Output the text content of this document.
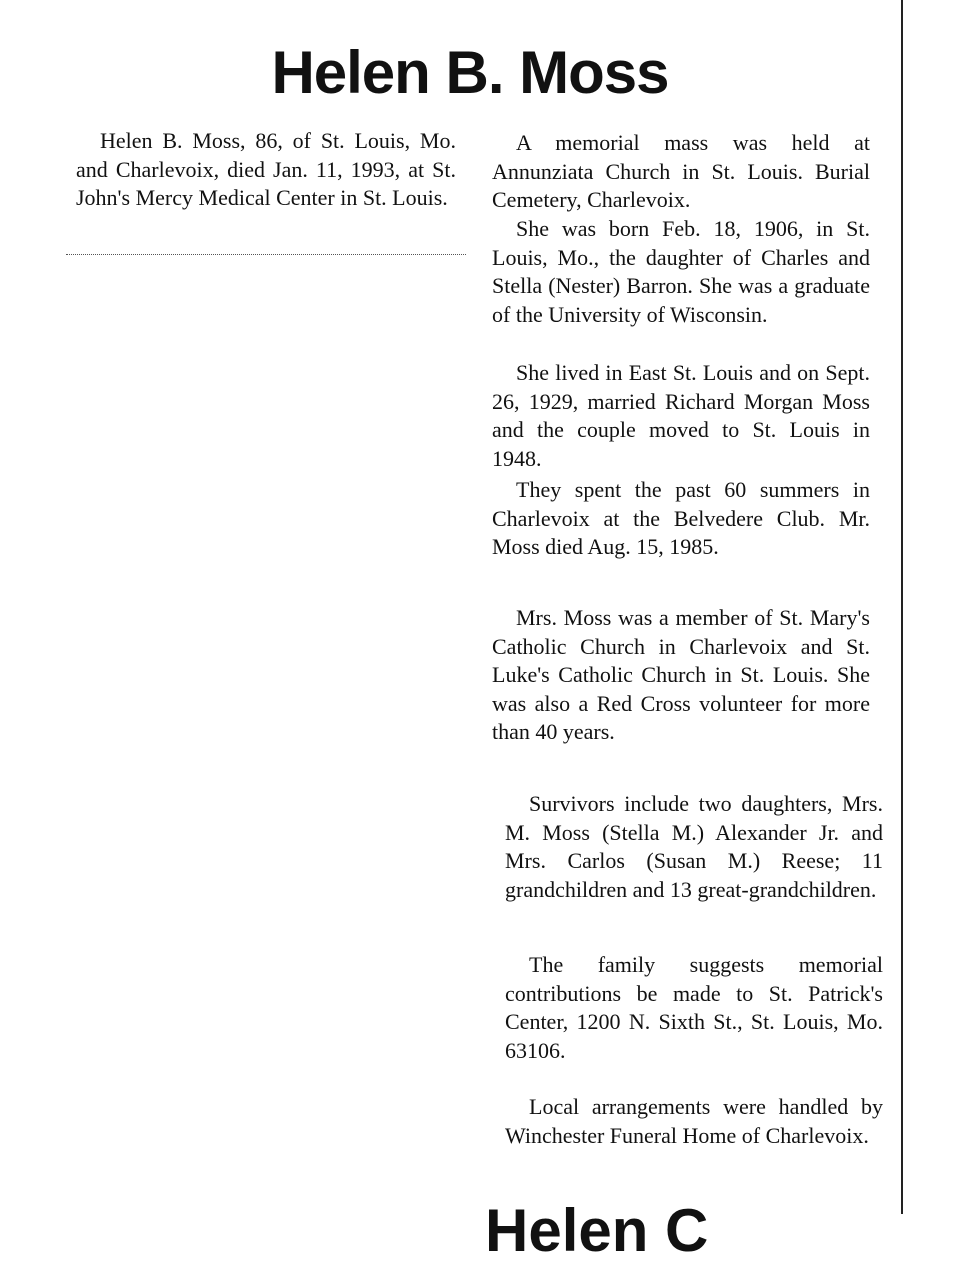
Helen B. Moss

Helen B. Moss, 86, of St. Louis, Mo. and Charlevoix, died Jan. 11, 1993, at St. John's Mercy Medical Center in St. Louis.

A memorial mass was held at Annunziata Church in St. Louis. Burial Cemetery, Charlevoix.

She was born Feb. 18, 1906, in St. Louis, Mo., the daughter of Charles and Stella (Nester) Barron. She was a graduate of the University of Wisconsin.

She lived in East St. Louis and on Sept. 26, 1929, married Richard Morgan Moss and the couple moved to St. Louis in 1948.

They spent the past 60 summers in Charlevoix at the Belvedere Club. Mr. Moss died Aug. 15, 1985.

Mrs. Moss was a member of St. Mary's Catholic Church in Charlevoix and St. Luke's Catholic Church in St. Louis. She was also a Red Cross volunteer for more than 40 years.

Survivors include two daughters, Mrs. M. Moss (Stella M.) Alexander Jr. and Mrs. Carlos (Susan M.) Reese; 11 grandchildren and 13 great-grandchildren.

The family suggests memorial contributions be made to St. Patrick's Center, 1200 N. Sixth St., St. Louis, Mo. 63106.

Local arrangements were handled by Winchester Funeral Home of Charlevoix.

Helen C
